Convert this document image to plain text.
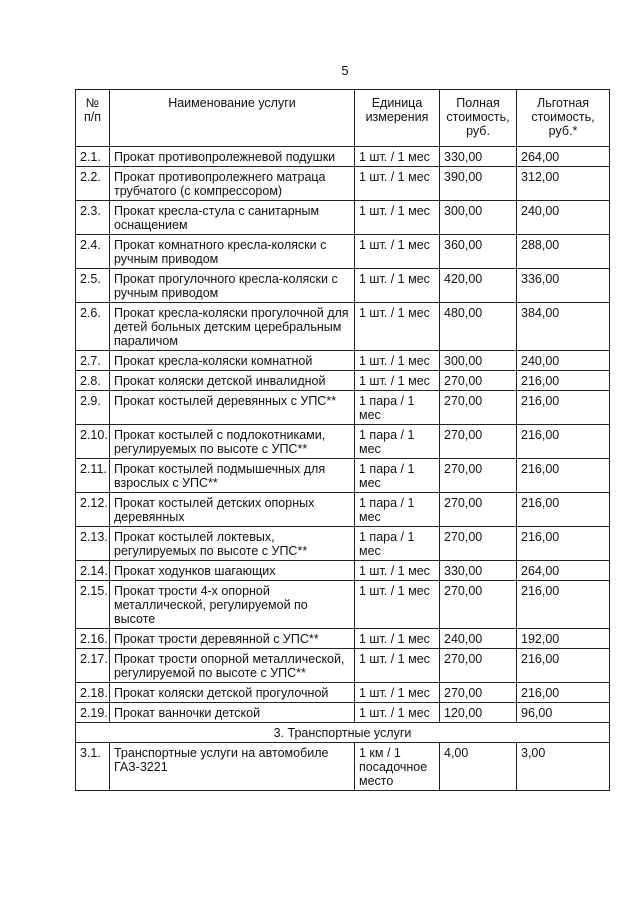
5
№ п/п	Наименование услуги	Единица измерения	Полная стоимость, руб.	Льготная стоимость, руб.*
2.1.	Прокат противопролежневой подушки	1 шт. / 1 мес	330,00	264,00
2.2.	Прокат противопролежнего матраца трубчатого (с компрессором)	1 шт. / 1 мес	390,00	312,00
2.3.	Прокат кресла-стула с санитарным оснащением	1 шт. / 1 мес	300,00	240,00
2.4.	Прокат комнатного кресла-коляски с ручным приводом	1 шт. / 1 мес	360,00	288,00
2.5.	Прокат прогулочного кресла-коляски с ручным приводом	1 шт. / 1 мес	420,00	336,00
2.6.	Прокат кресла-коляски прогулочной для детей больных детским церебральным параличом	1 шт. / 1 мес	480,00	384,00
2.7.	Прокат кресла-коляски комнатной	1 шт. / 1 мес	300,00	240,00
2.8.	Прокат коляски детской инвалидной	1 шт. / 1 мес	270,00	216,00
2.9.	Прокат костылей деревянных с УПС**	1 пара / 1 мес	270,00	216,00
2.10.	Прокат костылей с подлокотниками, регулируемых по высоте с УПС**	1 пара / 1 мес	270,00	216,00
2.11.	Прокат костылей подмышечных для взрослых с УПС**	1 пара / 1 мес	270,00	216,00
2.12.	Прокат костылей детских опорных деревянных	1 пара / 1 мес	270,00	216,00
2.13.	Прокат костылей локтевых, регулируемых по высоте с УПС**	1 пара / 1 мес	270,00	216,00
2.14.	Прокат ходунков шагающих	1 шт. / 1 мес	330,00	264,00
2.15.	Прокат трости 4-х опорной металлической, регулируемой по высоте	1 шт. / 1 мес	270,00	216,00
2.16.	Прокат трости деревянной с УПС**	1 шт. / 1 мес	240,00	192,00
2.17.	Прокат трости опорной металлической, регулируемой по высоте с УПС**	1 шт. / 1 мес	270,00	216,00
2.18.	Прокат коляски детской прогулочной	1 шт. / 1 мес	270,00	216,00
2.19.	Прокат ванночки детской	1 шт. / 1 мес	120,00	96,00
3. Транспортные услуги				
3.1.	Транспортные услуги на автомобиле ГАЗ-3221	1 км / 1 посадочное место	4,00	3,00
